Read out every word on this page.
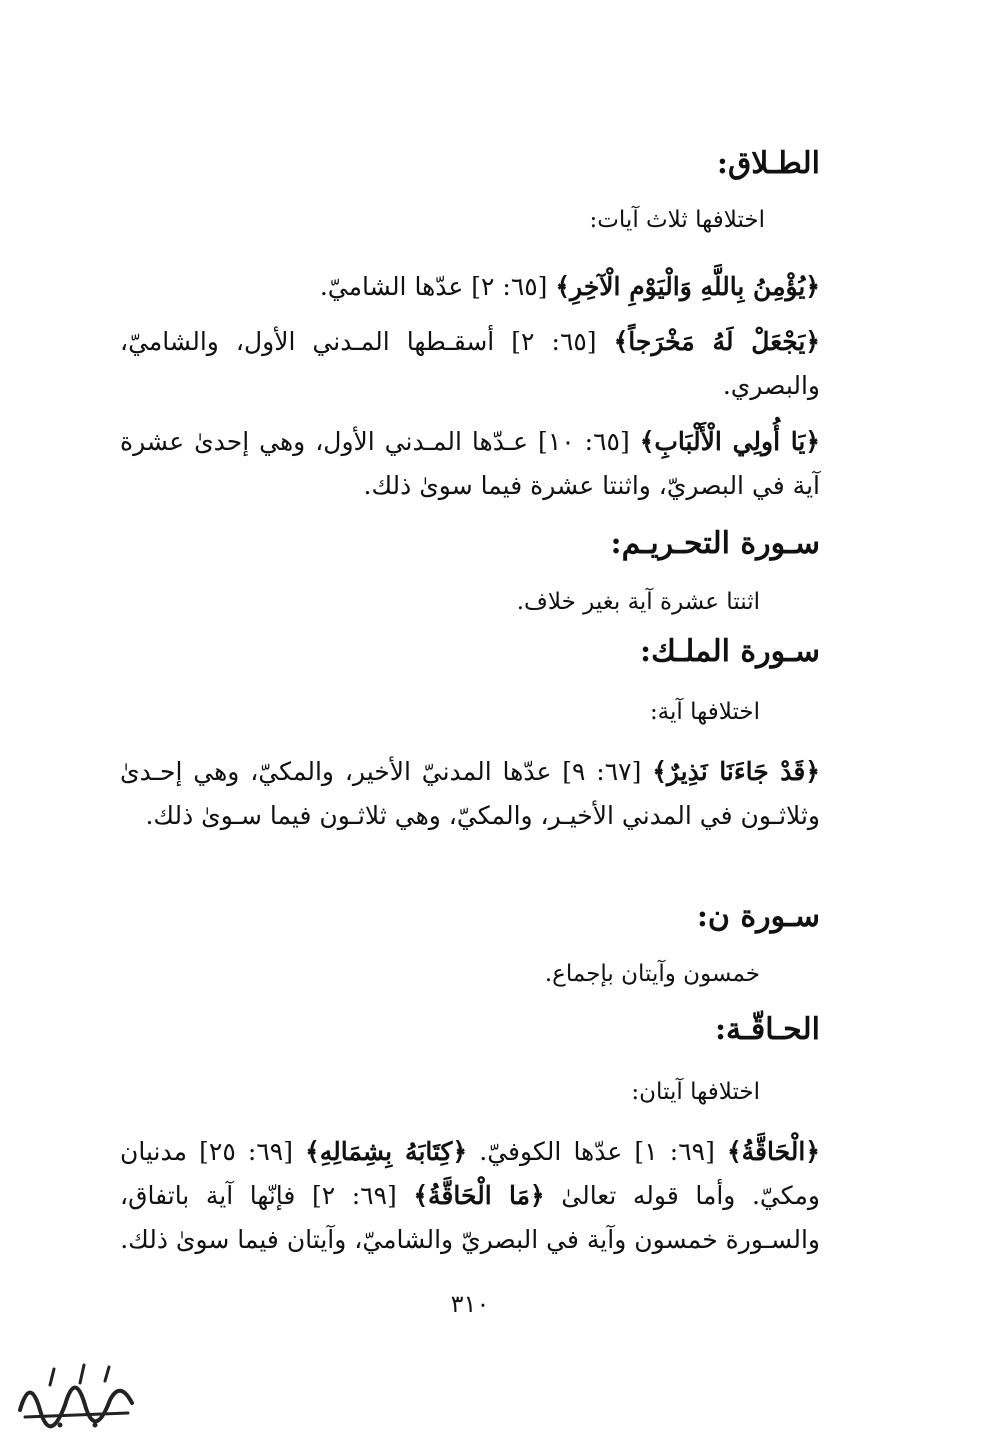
الطـلاق:

اختلافها ثلاث آيات:

﴿يُؤْمِنُ بِاللَّهِ وَالْيَوْمِ الْآخِرِ﴾ [٦٥: ٢] عدّها الشاميّ.

﴿يَجْعَلْ لَهُ مَخْرَجاً﴾ [٦٥: ٢] أسقـطها المـدني الأول، والشاميّ، والبصري.

﴿يَا أُولِي الْأَلْبَابِ﴾ [٦٥: ١٠] عـدّها المـدني الأول، وهي إحدىٰ عشرة آية في البصريّ، واثنتا عشرة فيما سوىٰ ذلك.

سـورة التحـريـم:

اثنتا عشرة آية بغير خلاف.

سـورة الملـك:

اختلافها آية:

﴿قَدْ جَاءَنَا نَذِيرٌ﴾ [٦٧: ٩] عدّها المدنيّ الأخير، والمكيّ، وهي إحـدىٰ وثلاثـون في المدني الأخيـر، والمكيّ، وهي ثلاثـون فيما سـوىٰ ذلك.

سـورة ن:

خمسون وآيتان بإجماع.

الحـاقّـة:

اختلافها آيتان:

﴿الْحَاقَّةُ﴾ [٦٩: ١] عدّها الكوفيّ. ﴿كِتَابَهُ بِشِمَالِهِ﴾ [٦٩: ٢٥] مدنيان ومكيّ. وأما قوله تعالىٰ ﴿مَا الْحَاقَّةُ﴾ [٦٩: ٢] فإنّها آية باتفاق، والسـورة خمسون وآية في البصريّ والشاميّ، وآيتان فيما سوىٰ ذلك.

٣١٠
